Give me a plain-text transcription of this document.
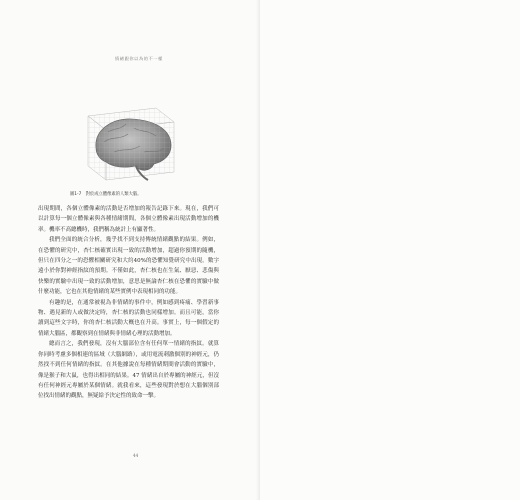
情緒跟你以為的不一樣
圖1-7　對於成立體像素的人類大腦。

出現期間，各個立體像素的活動是否增加的報告記錄下來。現在，我們可以計算每一個立體像素與各種情緒期間，各個立體像素出現活動增加的機率。機率不高總機時，我們稱為統計上有顯著性。

我們全面的統合分析，幾乎找不到支持傳統情緒觀點的結果。例如，在恐懼的研究中，杏仁核確實出現一致的活動增加，超過你預期的隨機，但只在四分之一的恐懼相關研究和大約40%的恐懼知覺研究中出現。數字遠小於你對神經指紋的預期。不僅如此，杏仁核也在生氣、厭惡、悲傷與快樂的實驗中出現一致的活動增加，意思是無論杏仁核在恐懼的實驗中做什麼功能，它也在其他情緒的某些實例中表現相同的功能。

有趣的是，在通常被視為非情緒的事件中，例如感到疼痛、學習新事物、遇見新的人或做決定時，杏仁核的活動也同樣增加。而且可能，當你讀到這些文字時，你的杏仁核活動大概也在升高。事實上，每一個假定的情緒大腦區，都觀察到在情緒與非情緒心理的活動增加。

總而言之，我們發現，沒有大腦部位含有任何單一情緒的指紋。就算你同時考慮多個相連的區域（大腦網路），或用電流刺激個別的神經元，仍然找不到任何情緒的指紋。在其他據說在每種情緒期間會活動的實驗中，像是猴子和大鼠，也得出相同的結果。47 情緒出自於專屬的神經元，但沒有任何神經元專屬於某個情緒。就我看來，這些發現對於想在大腦個別部位找出情緒的觀點，無疑給予決定性的致命一擊。

44
